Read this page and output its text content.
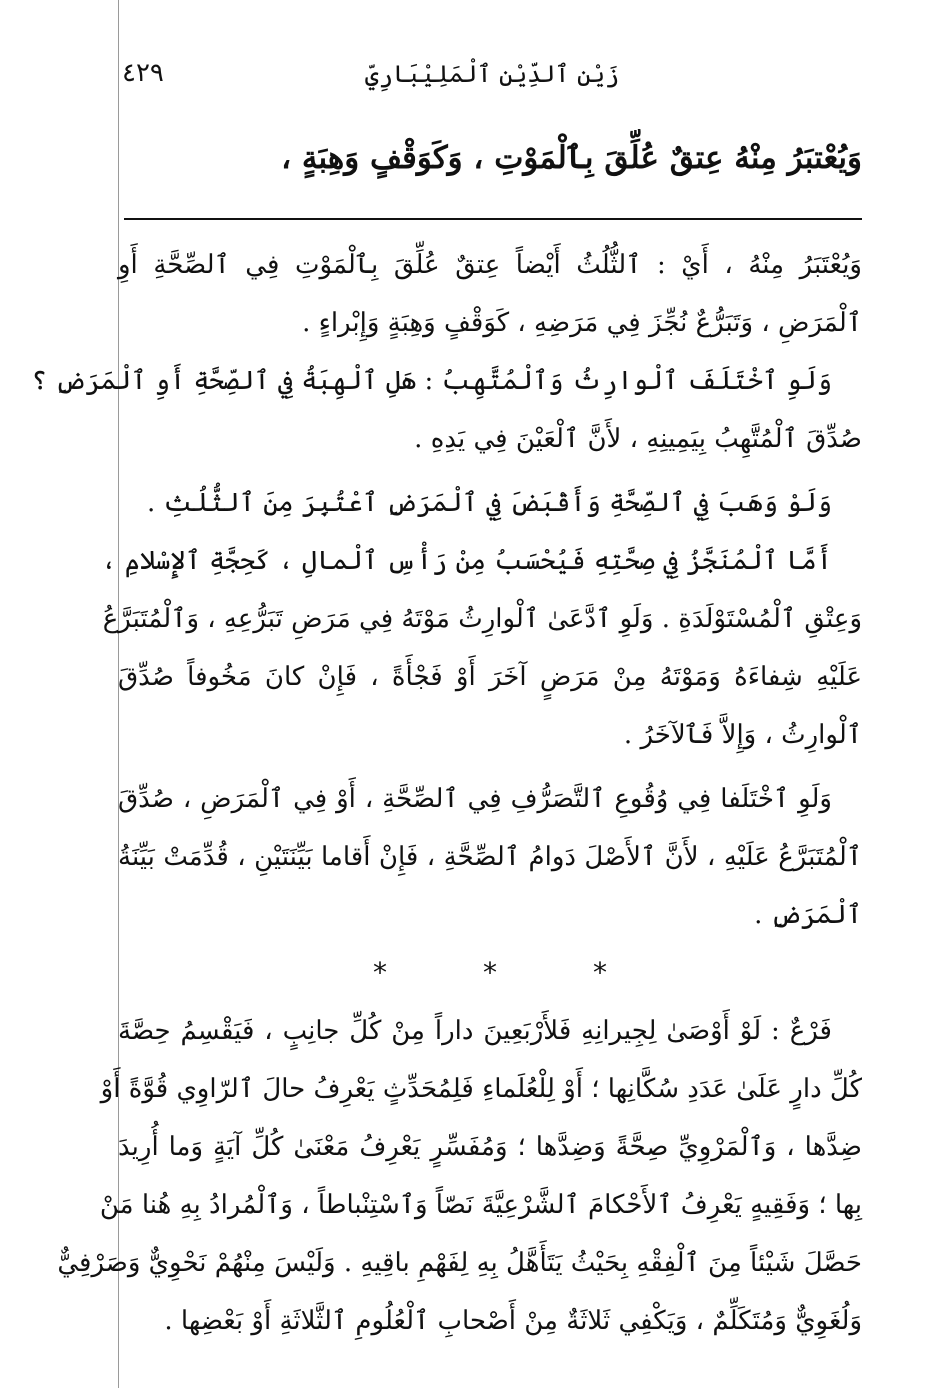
٤٢٩	زَيْن ٱلدِّيْن ٱلْمَلِيْبَارِيِّ
وَيُعْتبَرُ مِنْهُ عِتقٌ عُلِّقَ بِٱلْمَوْتِ ، وَكَوَقْفٍ وَهِبَةٍ ،
وَيُعْتَبَرُ مِنْهُ ، أَيْ : ٱلثُّلُثُ أَيْضاً عِتقٌ عُلِّقَ بِٱلْمَوْتِ فِي ٱلصِّحَّةِ أَوِ
ٱلْمَرَضِ ، وَتَبَرُّعٌ نُجِّزَ فِي مَرَضِهِ ، كَوَقْفٍ وَهِبَةٍ وَإِبْراءٍ .
وَلَوِ ٱخْتَلَفَ ٱلْوارِثُ وَٱلْمُتَّهِبُ : هَلِ ٱلْهِبَةُ فِي ٱلصِّحَّةِ أَوِ ٱلْمَرَضِ ؟
صُدِّقَ ٱلْمُتَّهِبُ بِيَمِينِهِ ، لأَنَّ ٱلْعَيْنَ فِي يَدِهِ .
وَلَوْ وَهَبَ فِي ٱلصِّحَّةِ وَأَقْبَضَ فِي ٱلْمَرَضِ ٱعْتُبِرَ مِنَ ٱلثُّلُثِ .
أَمَّا ٱلْمُنَجَّزُ فِي صِحَّتِهِ فَيُحْسَبُ مِنْ رَأْسِ ٱلْمالِ ، كَحِجَّةِ ٱلإِسْلامِ ،
وَعِتْقِ ٱلْمُسْتَوْلَدَةِ . وَلَوِ ٱدَّعَىٰ ٱلْوارِثُ مَوْتَهُ فِي مَرَضِ تَبَرُّعِهِ ، وَٱلْمُتَبَرَّعُ
عَلَيْهِ شِفاءَهُ وَمَوْتَهُ مِنْ مَرَضٍ آخَرَ أَوْ فَجْأَةً ، فَإِنْ كانَ مَخُوفاً صُدِّقَ
ٱلْوارِثُ ، وَإِلاَّ فَٱلآخَرُ .
وَلَوِ ٱخْتَلَفا فِي وُقُوعِ ٱلتَّصَرُّفِ فِي ٱلصِّحَّةِ ، أَوْ فِي ٱلْمَرَضِ ، صُدِّقَ
ٱلْمُتَبَرَّعُ عَلَيْهِ ، لأَنَّ ٱلأَصْلَ دَوامُ ٱلصِّحَّةِ ، فَإِنْ أَقاما بَيِّنَتَيْنِ ، قُدِّمَتْ بَيِّنَةُ
ٱلْمَرَضِ .
*	*	*
فَرْعٌ : لَوْ أَوْصَىٰ لِجِيرانِهِ فَلأَرْبَعِينَ داراً مِنْ كُلِّ جانِبٍ ، فَيَقْسِمُ حِصَّةَ
كُلِّ دارٍ عَلَىٰ عَدَدِ سُكَّانِها ؛ أَوْ لِلْعُلَماءِ فَلِمُحَدِّثٍ يَعْرِفُ حالَ ٱلرّاوِي قُوَّةً أَوْ
ضِدَّها ، وَٱلْمَرْوِيِّ صِحَّةً وَضِدَّها ؛ وَمُفَسِّرٍ يَعْرِفُ مَعْنَىٰ كُلِّ آيَةٍ وَما أُرِيدَ
بِها ؛ وَفَقِيهٍ يَعْرِفُ ٱلأَحْكامَ ٱلشَّرْعِيَّةَ نَصّاً وَٱسْتِنْباطاً ، وَٱلْمُرادُ بِهِ هُنا مَنْ
حَصَّلَ شَيْئاً مِنَ ٱلْفِقْهِ بِحَيْثُ يَتَأَهَّلُ بِهِ لِفَهْمِ باقِيهِ . وَلَيْسَ مِنْهُمْ نَحْوِيٌّ وَصَرْفِيٌّ
وَلُغَوِيٌّ وَمُتَكَلِّمٌ ، وَيَكْفِي ثَلاثَةٌ مِنْ أَصْحابِ ٱلْعُلُومِ ٱلثَّلاثَةِ أَوْ بَعْضِها .
